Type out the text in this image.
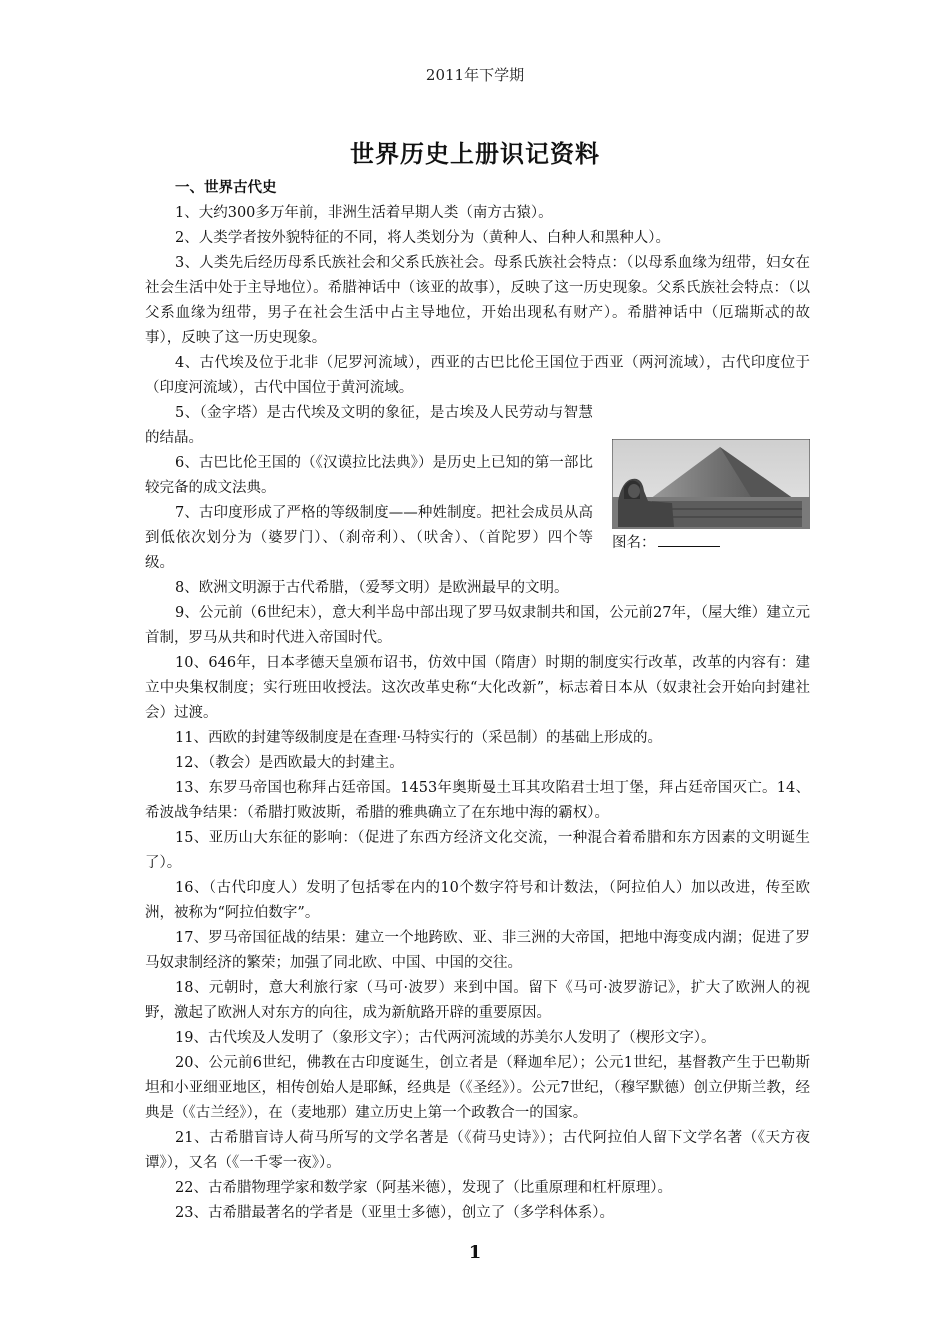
2011年下学期
世界历史上册识记资料

一、世界古代史

1、大约300多万年前，非洲生活着早期人类（南方古猿）。

2、人类学者按外貌特征的不同，将人类划分为（黄种人、白种人和黑种人）。

3、人类先后经历母系氏族社会和父系氏族社会。母系氏族社会特点：（以母系血缘为纽带，妇女在社会生活中处于主导地位）。希腊神话中（该亚的故事），反映了这一历史现象。父系氏族社会特点：（以父系血缘为纽带，男子在社会生活中占主导地位，开始出现私有财产）。希腊神话中（厄瑞斯忒的故事），反映了这一历史现象。

4、古代埃及位于北非（尼罗河流域），西亚的古巴比伦王国位于西亚（两河流域），古代印度位于（印度河流域），古代中国位于黄河流域。

5、（金字塔）是古代埃及文明的象征，是古埃及人民劳动与智慧的结晶。

6、古巴比伦王国的（《汉谟拉比法典》）是历史上已知的第一部比较完备的成文法典。

7、古印度形成了严格的等级制度——种姓制度。把社会成员从高到低依次划分为（婆罗门）、（刹帝利）、（吠舍）、（首陀罗）四个等级。

图名：

8、欧洲文明源于古代希腊，（爱琴文明）是欧洲最早的文明。

9、公元前（6世纪末），意大利半岛中部出现了罗马奴隶制共和国，公元前27年，（屋大维）建立元首制，罗马从共和时代进入帝国时代。

10、646年，日本孝德天皇颁布诏书，仿效中国（隋唐）时期的制度实行改革，改革的内容有：建立中央集权制度；实行班田收授法。这次改革史称“大化改新”，标志着日本从（奴隶社会开始向封建社会）过渡。

11、西欧的封建等级制度是在查理·马特实行的（采邑制）的基础上形成的。

12、（教会）是西欧最大的封建主。

13、东罗马帝国也称拜占廷帝国。1453年奥斯曼土耳其攻陷君士坦丁堡，拜占廷帝国灭亡。14、希波战争结果：（希腊打败波斯，希腊的雅典确立了在东地中海的霸权）。

15、亚历山大东征的影响：（促进了东西方经济文化交流，一种混合着希腊和东方因素的文明诞生了）。

16、（古代印度人）发明了包括零在内的10个数字符号和计数法，（阿拉伯人）加以改进，传至欧洲，被称为“阿拉伯数字”。

17、罗马帝国征战的结果：建立一个地跨欧、亚、非三洲的大帝国，把地中海变成内湖；促进了罗马奴隶制经济的繁荣；加强了同北欧、中国、中国的交往。

18、元朝时，意大利旅行家（马可·波罗）来到中国。留下《马可·波罗游记》，扩大了欧洲人的视野，激起了欧洲人对东方的向往，成为新航路开辟的重要原因。

19、古代埃及人发明了（象形文字）；古代两河流域的苏美尔人发明了（楔形文字）。

20、公元前6世纪，佛教在古印度诞生，创立者是（释迦牟尼）；公元1世纪，基督教产生于巴勒斯坦和小亚细亚地区，相传创始人是耶稣，经典是（《圣经》）。公元7世纪，（穆罕默德）创立伊斯兰教，经典是（《古兰经》），在（麦地那）建立历史上第一个政教合一的国家。

21、古希腊盲诗人荷马所写的文学名著是（《荷马史诗》）；古代阿拉伯人留下文学名著（《天方夜谭》），又名（《一千零一夜》）。

22、古希腊物理学家和数学家（阿基米德），发现了（比重原理和杠杆原理）。

23、古希腊最著名的学者是（亚里士多德），创立了（多学科体系）。

1
